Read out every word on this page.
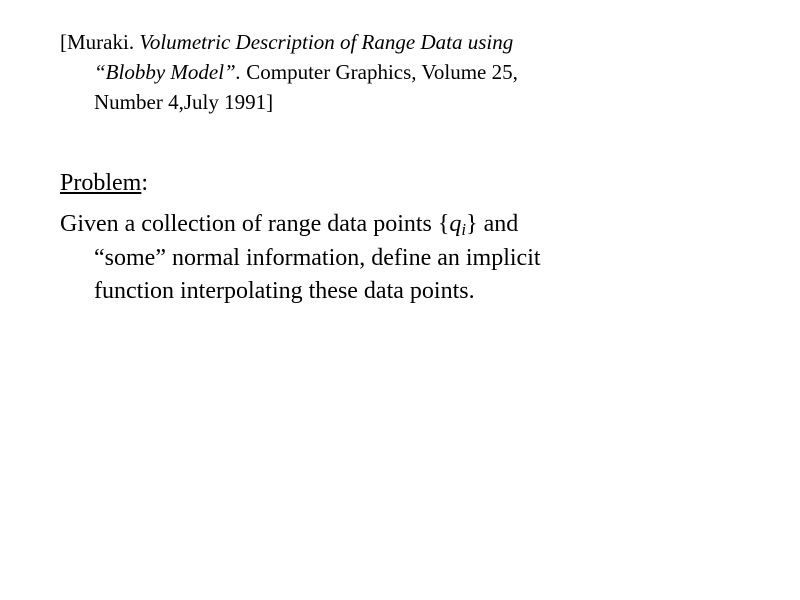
[Muraki. Volumetric Description of Range Data using
“Blobby Model”. Computer Graphics, Volume 25,
Number 4,July 1991]
Problem:
Given a collection of range data points $\{q_i\}$ and
“some” normal information, define an implicit
function interpolating these data points.
